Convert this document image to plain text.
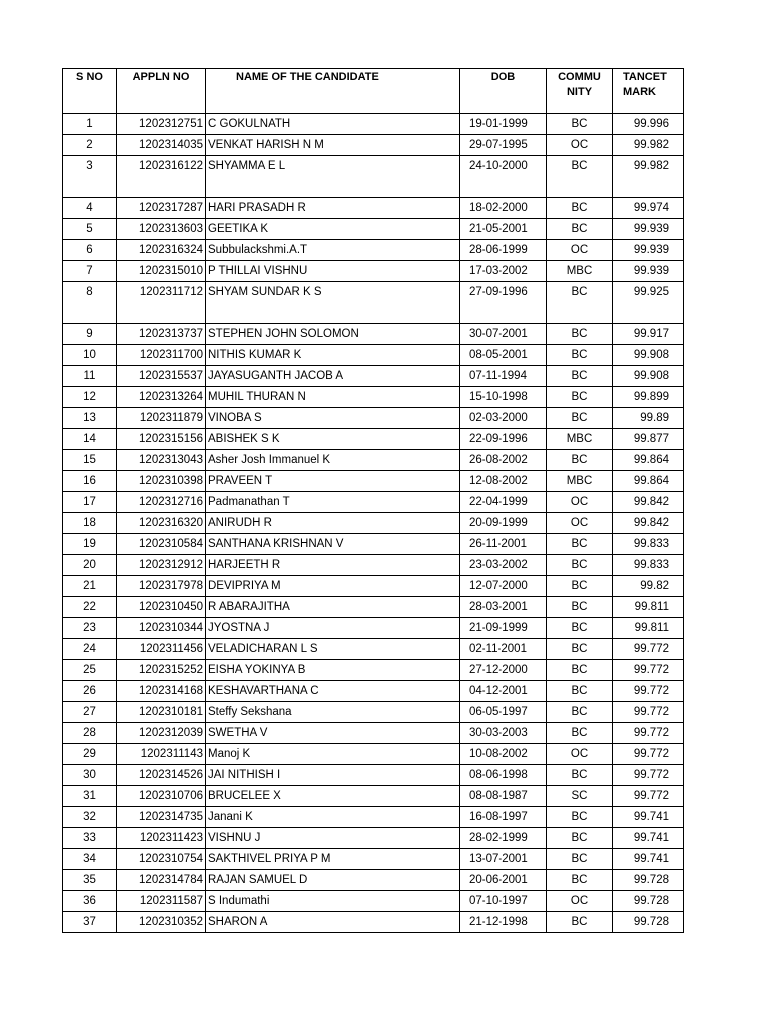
S NO	APPLN NO	NAME OF THE CANDIDATE	DOB	COMMU NITY	TANCET MARK
1	1202312751	C GOKULNATH	19-01-1999	BC	99.996
2	1202314035	VENKAT HARISH N M	29-07-1995	OC	99.982
3	1202316122	SHYAMMA E L	24-10-2000	BC	99.982
4	1202317287	HARI PRASADH R	18-02-2000	BC	99.974
5	1202313603	GEETIKA K	21-05-2001	BC	99.939
6	1202316324	Subbulackshmi.A.T	28-06-1999	OC	99.939
7	1202315010	P THILLAI VISHNU	17-03-2002	MBC	99.939
8	1202311712	SHYAM SUNDAR K S	27-09-1996	BC	99.925
9	1202313737	STEPHEN JOHN SOLOMON	30-07-2001	BC	99.917
10	1202311700	NITHIS KUMAR K	08-05-2001	BC	99.908
11	1202315537	JAYASUGANTH JACOB A	07-11-1994	BC	99.908
12	1202313264	MUHIL THURAN N	15-10-1998	BC	99.899
13	1202311879	VINOBA S	02-03-2000	BC	99.89
14	1202315156	ABISHEK S K	22-09-1996	MBC	99.877
15	1202313043	Asher Josh Immanuel K	26-08-2002	BC	99.864
16	1202310398	PRAVEEN T	12-08-2002	MBC	99.864
17	1202312716	Padmanathan T	22-04-1999	OC	99.842
18	1202316320	ANIRUDH R	20-09-1999	OC	99.842
19	1202310584	SANTHANA KRISHNAN V	26-11-2001	BC	99.833
20	1202312912	HARJEETH R	23-03-2002	BC	99.833
21	1202317978	DEVIPRIYA M	12-07-2000	BC	99.82
22	1202310450	R ABARAJITHA	28-03-2001	BC	99.811
23	1202310344	JYOSTNA J	21-09-1999	BC	99.811
24	1202311456	VELADICHARAN L S	02-11-2001	BC	99.772
25	1202315252	EISHA YOKINYA B	27-12-2000	BC	99.772
26	1202314168	KESHAVARTHANA C	04-12-2001	BC	99.772
27	1202310181	Steffy Sekshana	06-05-1997	BC	99.772
28	1202312039	SWETHA V	30-03-2003	BC	99.772
29	1202311143	Manoj K	10-08-2002	OC	99.772
30	1202314526	JAI NITHISH I	08-06-1998	BC	99.772
31	1202310706	BRUCELEE X	08-08-1987	SC	99.772
32	1202314735	Janani K	16-08-1997	BC	99.741
33	1202311423	VISHNU J	28-02-1999	BC	99.741
34	1202310754	SAKTHIVEL PRIYA P M	13-07-2001	BC	99.741
35	1202314784	RAJAN SAMUEL D	20-06-2001	BC	99.728
36	1202311587	S Indumathi	07-10-1997	OC	99.728
37	1202310352	SHARON A	21-12-1998	BC	99.728
